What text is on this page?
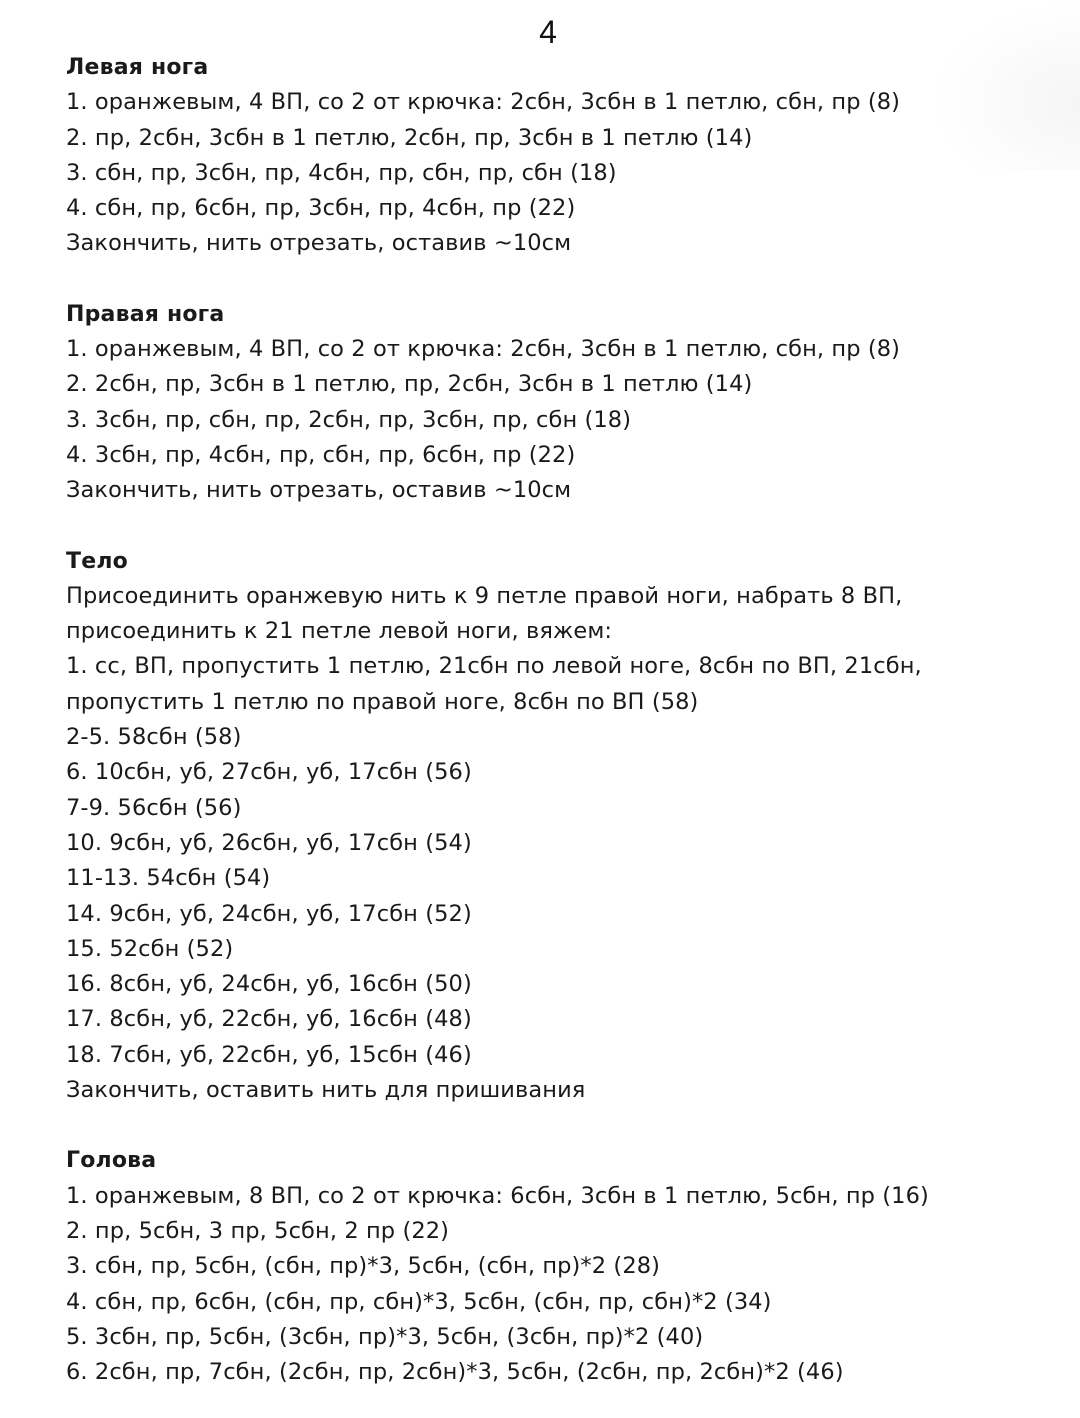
4

Левая нога

1. оранжевым, 4 ВП, со 2 от крючка: 2сбн, 3сбн в 1 петлю, сбн, пр (8)

2. пр, 2сбн, 3сбн в 1 петлю, 2сбн, пр, 3сбн в 1 петлю (14)

3. сбн, пр, 3сбн, пр, 4сбн, пр, сбн, пр, сбн (18)

4. сбн, пр, 6сбн, пр, 3сбн, пр, 4сбн, пр (22)

Закончить, нить отрезать, оставив ~10см

Правая нога

1. оранжевым, 4 ВП, со 2 от крючка: 2сбн, 3сбн в 1 петлю, сбн, пр (8)

2. 2сбн, пр, 3сбн в 1 петлю, пр, 2сбн, 3сбн в 1 петлю (14)

3. 3сбн, пр, сбн, пр, 2сбн, пр, 3сбн, пр, сбн (18)

4. 3сбн, пр, 4сбн, пр, сбн, пр, 6сбн, пр (22)

Закончить, нить отрезать, оставив ~10см

Тело

Присоединить оранжевую нить к 9 петле правой ноги, набрать 8 ВП,

присоединить к 21 петле левой ноги, вяжем:

1. сс, ВП, пропустить 1 петлю, 21сбн по левой ноге, 8сбн по ВП, 21сбн,

пропустить 1 петлю по правой ноге, 8сбн по ВП (58)

2-5. 58сбн (58)

6. 10сбн, уб, 27сбн, уб, 17сбн (56)

7-9. 56сбн (56)

10. 9сбн, уб, 26сбн, уб, 17сбн (54)

11-13. 54сбн (54)

14. 9сбн, уб, 24сбн, уб, 17сбн (52)

15. 52сбн (52)

16. 8сбн, уб, 24сбн, уб, 16сбн (50)

17. 8сбн, уб, 22сбн, уб, 16сбн (48)

18. 7сбн, уб, 22сбн, уб, 15сбн (46)

Закончить, оставить нить для пришивания

Голова

1. оранжевым, 8 ВП, со 2 от крючка: 6сбн, 3сбн в 1 петлю, 5сбн, пр (16)

2. пр, 5сбн, 3 пр, 5сбн, 2 пр (22)

3. сбн, пр, 5сбн, (сбн, пр)*3, 5сбн, (сбн, пр)*2 (28)

4. сбн, пр, 6сбн, (сбн, пр, сбн)*3, 5сбн, (сбн, пр, сбн)*2 (34)

5. 3сбн, пр, 5сбн, (3сбн, пр)*3, 5сбн, (3сбн, пр)*2 (40)

6. 2сбн, пр, 7сбн, (2сбн, пр, 2сбн)*3, 5сбн, (2сбн, пр, 2сбн)*2 (46)
